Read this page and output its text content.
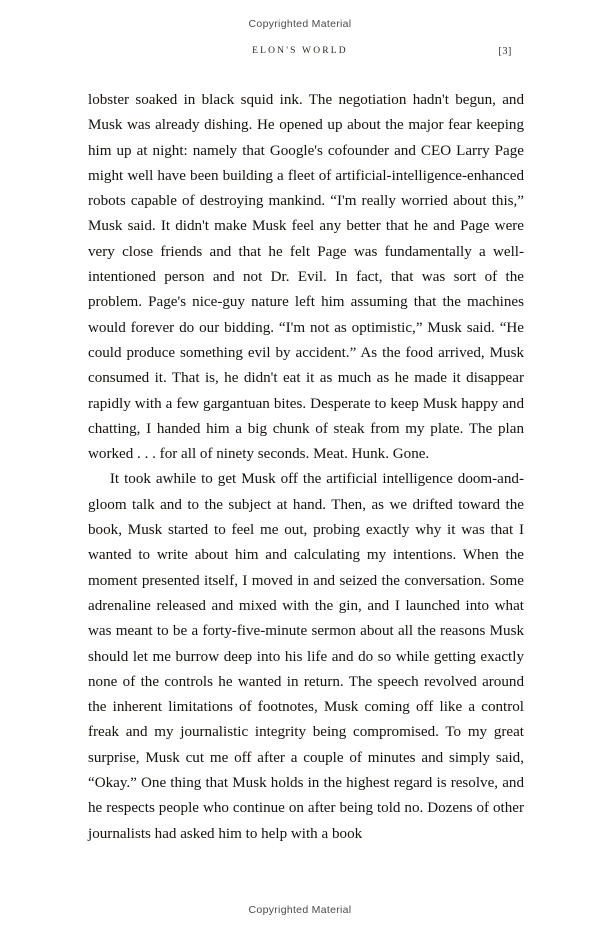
Copyrighted Material
ELON'S WORLD	[3]

lobster soaked in black squid ink. The negotiation hadn't begun, and Musk was already dishing. He opened up about the major fear keeping him up at night: namely that Google's cofounder and CEO Larry Page might well have been building a fleet of artificial-intelligence-enhanced robots capable of destroying mankind. “I'm really worried about this,” Musk said. It didn't make Musk feel any better that he and Page were very close friends and that he felt Page was fundamentally a well-intentioned person and not Dr. Evil. In fact, that was sort of the problem. Page's nice-guy nature left him assuming that the machines would forever do our bidding. “I'm not as optimistic,” Musk said. “He could produce something evil by accident.” As the food arrived, Musk consumed it. That is, he didn't eat it as much as he made it disappear rapidly with a few gargantuan bites. Desperate to keep Musk happy and chatting, I handed him a big chunk of steak from my plate. The plan worked . . . for all of ninety seconds. Meat. Hunk. Gone.

It took awhile to get Musk off the artificial intelligence doom-and-gloom talk and to the subject at hand. Then, as we drifted toward the book, Musk started to feel me out, probing exactly why it was that I wanted to write about him and calculating my intentions. When the moment presented itself, I moved in and seized the conversation. Some adrenaline released and mixed with the gin, and I launched into what was meant to be a forty-five-minute sermon about all the reasons Musk should let me burrow deep into his life and do so while getting exactly none of the controls he wanted in return. The speech revolved around the inherent limitations of footnotes, Musk coming off like a control freak and my journalistic integrity being compromised. To my great surprise, Musk cut me off after a couple of minutes and simply said, “Okay.” One thing that Musk holds in the highest regard is resolve, and he respects people who continue on after being told no. Dozens of other journalists had asked him to help with a book

Copyrighted Material
